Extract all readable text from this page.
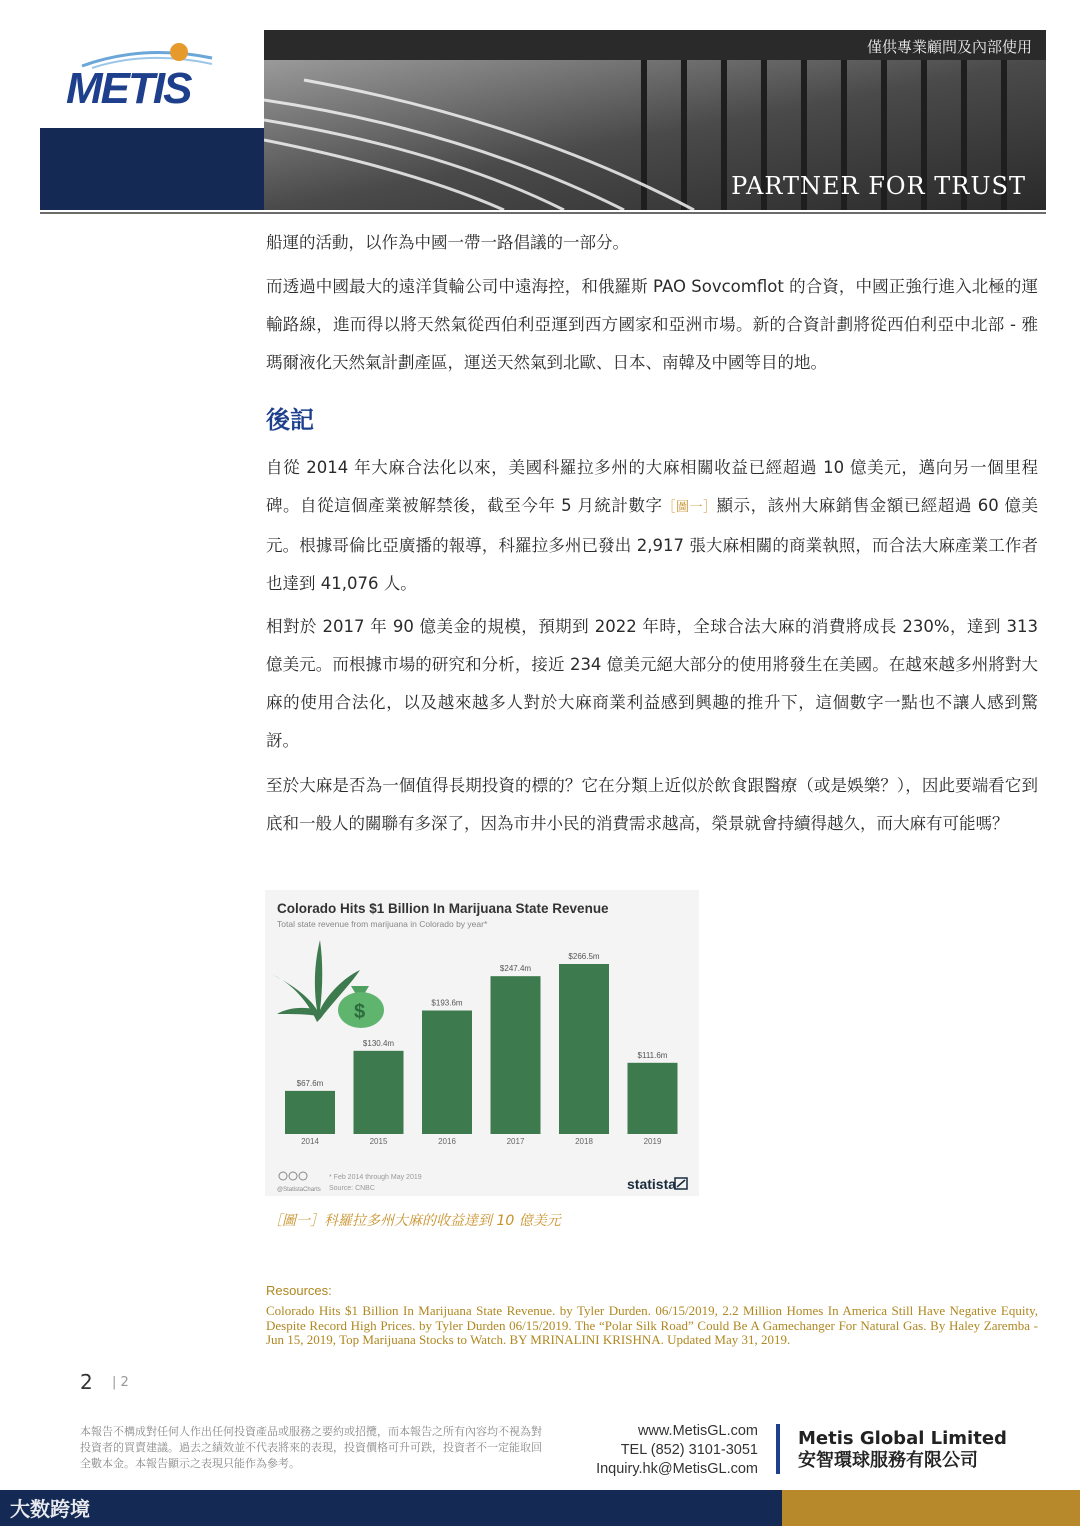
METIS
僅供專業顧問及內部使用
PARTNER FOR TRUST

船運的活動，以作為中國一帶一路倡議的一部分。

而透過中國最大的遠洋貨輪公司中遠海控，和俄羅斯 PAO Sovcomflot 的合資，中國正強行進入北極的運輸路線，進而得以將天然氣從西伯利亞運到西方國家和亞洲市場。新的合資計劃將從西伯利亞中北部 - 雅瑪爾液化天然氣計劃產區，運送天然氣到北歐、日本、南韓及中國等目的地。

後記

自從 2014 年大麻合法化以來，美國科羅拉多州的大麻相關收益已經超過 10 億美元，邁向另一個里程碑。自從這個產業被解禁後，截至今年 5 月統計數字［圖一］顯示，該州大麻銷售金額已經超過 60 億美元。根據哥倫比亞廣播的報導，科羅拉多州已發出 2,917 張大麻相關的商業執照，而合法大麻產業工作者也達到 41,076 人。

相對於 2017 年 90 億美金的規模，預期到 2022 年時，全球合法大麻的消費將成長 230%，達到 313 億美元。而根據市場的研究和分析，接近 234 億美元絕大部分的使用將發生在美國。在越來越多州將對大麻的使用合法化，以及越來越多人對於大麻商業利益感到興趣的推升下，這個數字一點也不讓人感到驚訝。

至於大麻是否為一個值得長期投資的標的？它在分類上近似於飲食跟醫療（或是娛樂？），因此要端看它到底和一般人的關聯有多深了，因為市井小民的消費需求越高，榮景就會持續得越久，而大麻有可能嗎？

Colorado Hits $1 Billion In Marijuana State Revenue
Total state revenue from marijuana in Colorado by year*
$
$67.6m
2014
$130.4m
2015
$193.6m
2016
$247.4m
2017
$266.5m
2018
$111.6m
2019
@StatistaCharts
* Feb 2014 through May 2019
Source: CNBC	statista
［圖一］科羅拉多州大麻的收益達到 10 億美元
Resources:
Colorado Hits $1 Billion In Marijuana State Revenue. by Tyler Durden. 06/15/2019, 2.2 Million Homes In America Still Have Negative Equity, Despite Record High Prices. by Tyler Durden 06/15/2019. The “Polar Silk Road” Could Be A Gamechanger For Natural Gas. By Haley Zaremba - Jun 15, 2019, Top Marijuana Stocks to Watch. BY MRINALINI KRISHNA. Updated May 31, 2019.
2 | 2
本報告不構成對任何人作出任何投資產品或服務之要約或招攬，而本報告之所有內容均不視為對投資者的買賣建議。過去之績效並不代表將來的表現，投資價格可升可跌，投資者不一定能取回全數本金。本報告顯示之表現只能作為參考。
www.MetisGL.com
TEL (852) 3101-3051
Inquiry.hk@MetisGL.com
Metis Global Limited
安智環球服務有限公司
大数跨境
